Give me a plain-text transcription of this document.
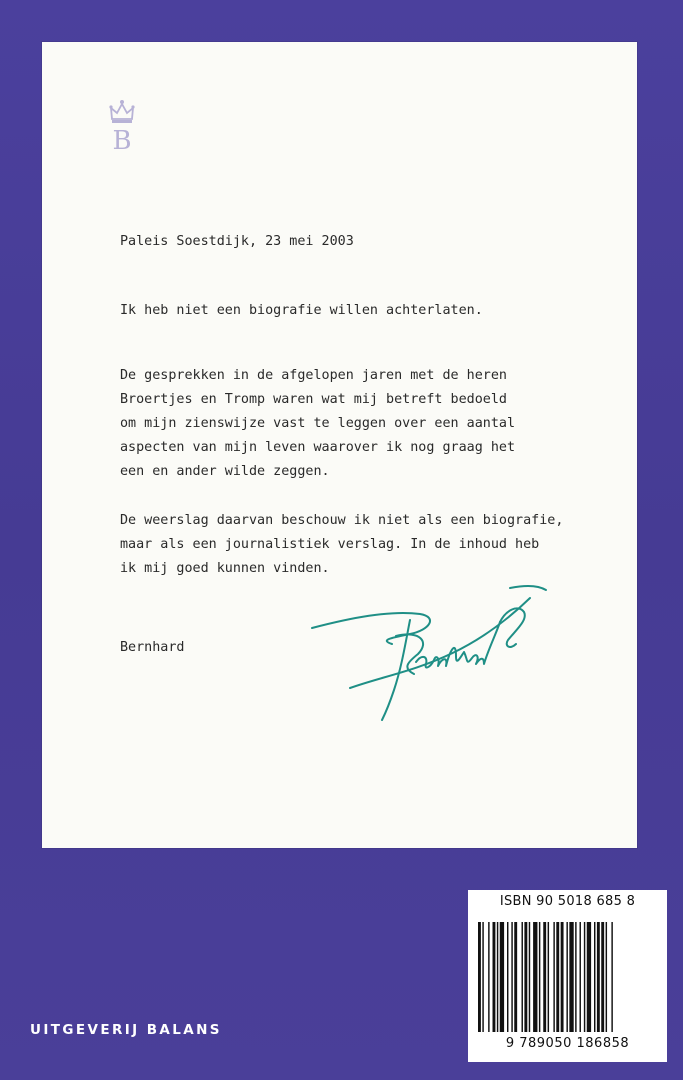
B
Paleis Soestdijk, 23 mei 2003
Ik heb niet een biografie willen achterlaten.
De gesprekken in de afgelopen jaren met de heren
Broertjes en Tromp waren wat mij betreft bedoeld
om mijn zienswijze vast te leggen over een aantal
aspecten van mijn leven waarover ik nog graag het
een en ander wilde zeggen.
De weerslag daarvan beschouw ik niet als een biografie,
maar als een journalistiek verslag. In de inhoud heb
ik mij goed kunnen vinden.
Bernhard
ISBN 90 5018 685 8
9 789050 186858
UITGEVERIJ BALANS
